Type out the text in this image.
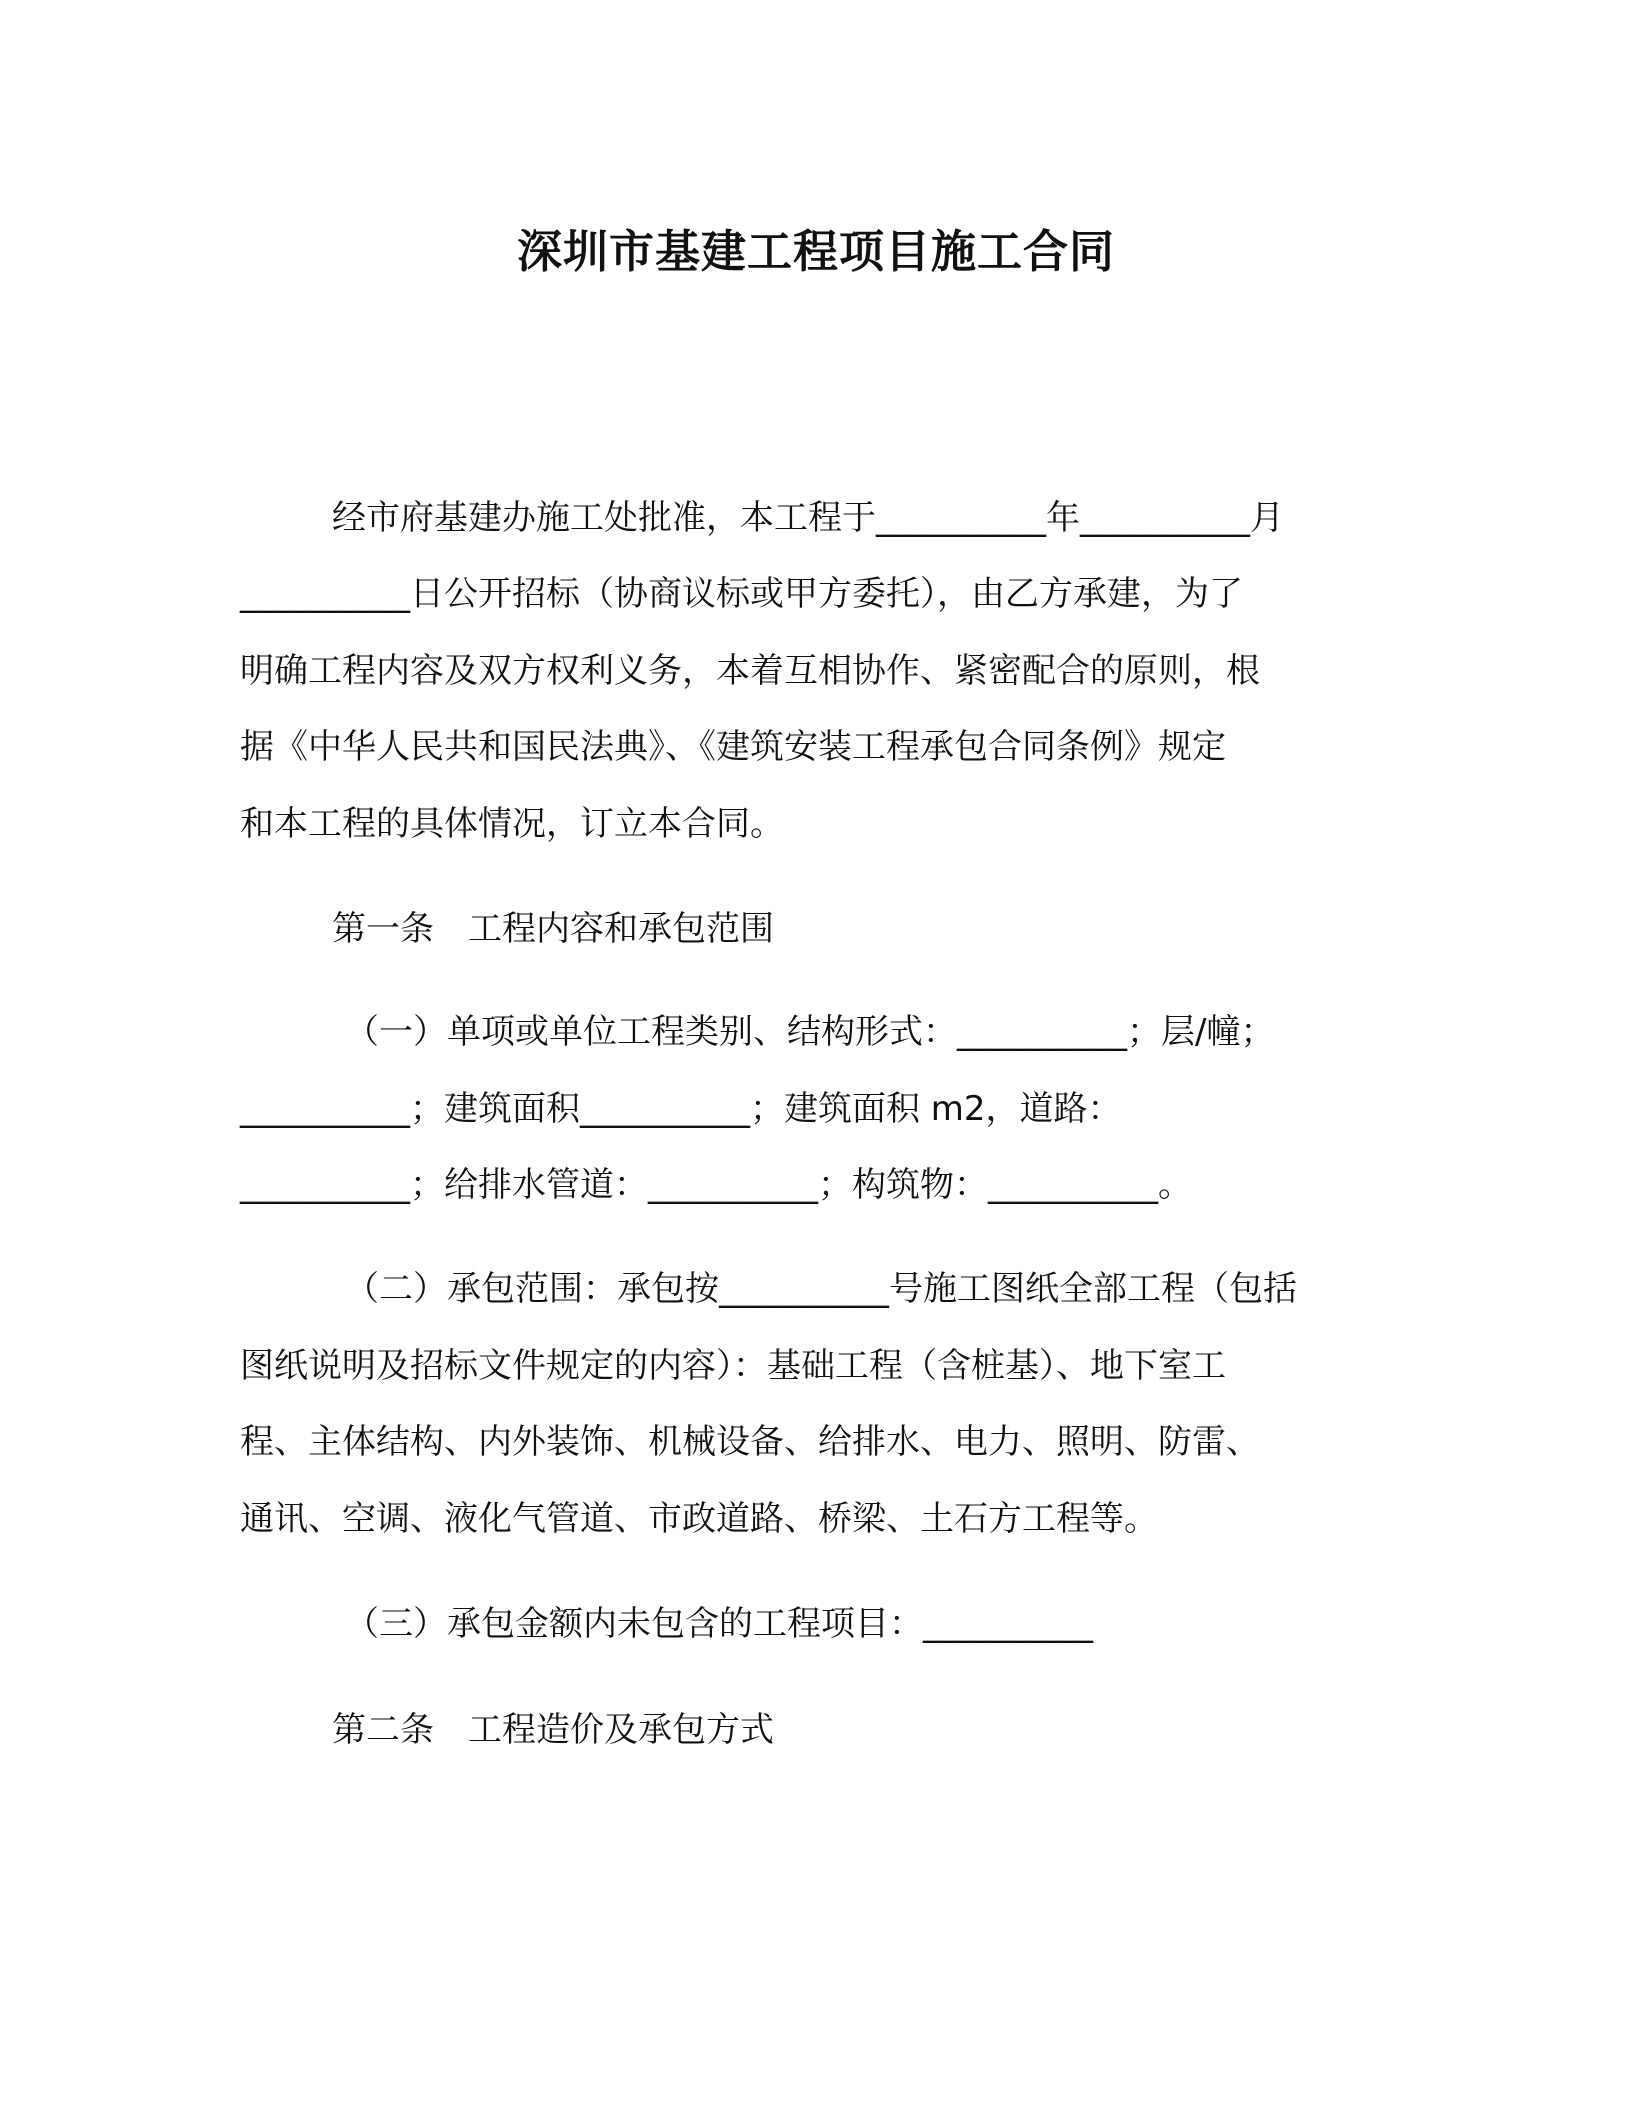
深圳市基建工程项目施工合同
经市府基建办施工处批准，本工程于__________年__________月
__________日公开招标（协商议标或甲方委托），由乙方承建，为了
明确工程内容及双方权利义务，本着互相协作、紧密配合的原则，根
据《中华人民共和国民法典》、《建筑安装工程承包合同条例》规定
和本工程的具体情况，订立本合同。
第一条　工程内容和承包范围
（一）单项或单位工程类别、结构形式：__________；层/幢；
__________；建筑面积__________；建筑面积 m2，道路：
__________；给排水管道：__________；构筑物：__________。
（二）承包范围：承包按__________号施工图纸全部工程（包括
图纸说明及招标文件规定的内容）：基础工程（含桩基）、地下室工
程、主体结构、内外装饰、机械设备、给排水、电力、照明、防雷、
通讯、空调、液化气管道、市政道路、桥梁、土石方工程等。
（三）承包金额内未包含的工程项目：__________
第二条　工程造价及承包方式
